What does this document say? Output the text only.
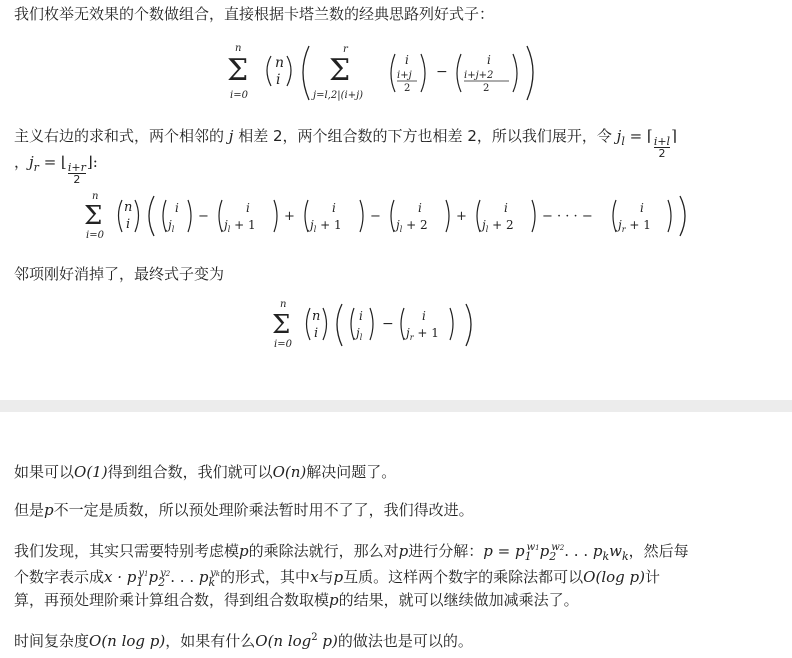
我们枚举无效果的个数做组合，直接根据卡塔兰数的经典思路列好式子：
n
Σ
i=0
n
i
r
Σ
j=l,2|(i+j)
i
i+j
2
−
i
i+j+2
2
主义右边的求和式，两个相邻的 j 相差 2，两个组合数的下方也相差 2，所以我们展开，令 $j_l$ = ⌈ $\frac{i+l}{2}$ ⌉
，$j_r$ = ⌊ $\frac{i+r}{2}$ ⌋:
n
Σ
i=0
n
i
i
$j_l$
−
i
$j_l + 1$
+
i
$j_l + 1$
−
i
$j_l + 2$
+
i
$j_l + 2$
− · · · −
i
$j_r + 1$
邻项刚好消掉了，最终式子变为
n
Σ
i=0
n
i
i
$j_l$
− i
$j_r + 1$
如果可以O(1)得到组合数，我们就可以O(n)解决问题了。
但是p不一定是质数，所以预处理阶乘法暂时用不了了，我们得改进。
我们发现，其实只需要特别考虑模p的乘除法就行，那么对p进行分解：$p = p_1^{w1}p_2^{w2}$. . . $p_kw_k$，然后每
个数字表示成$x \cdot p_1^{y1}p_2^{y2}$. . . $p_k^{yk}$的形式，其中x与p互质。这样两个数字的乘除法都可以O(log p)计
算，再预处理阶乘计算组合数，得到组合数取模p的结果，就可以继续做加减乘法了。
时间复杂度O(n log p)，如果有什么O(n $\log^2 p$)的做法也是可以的。
